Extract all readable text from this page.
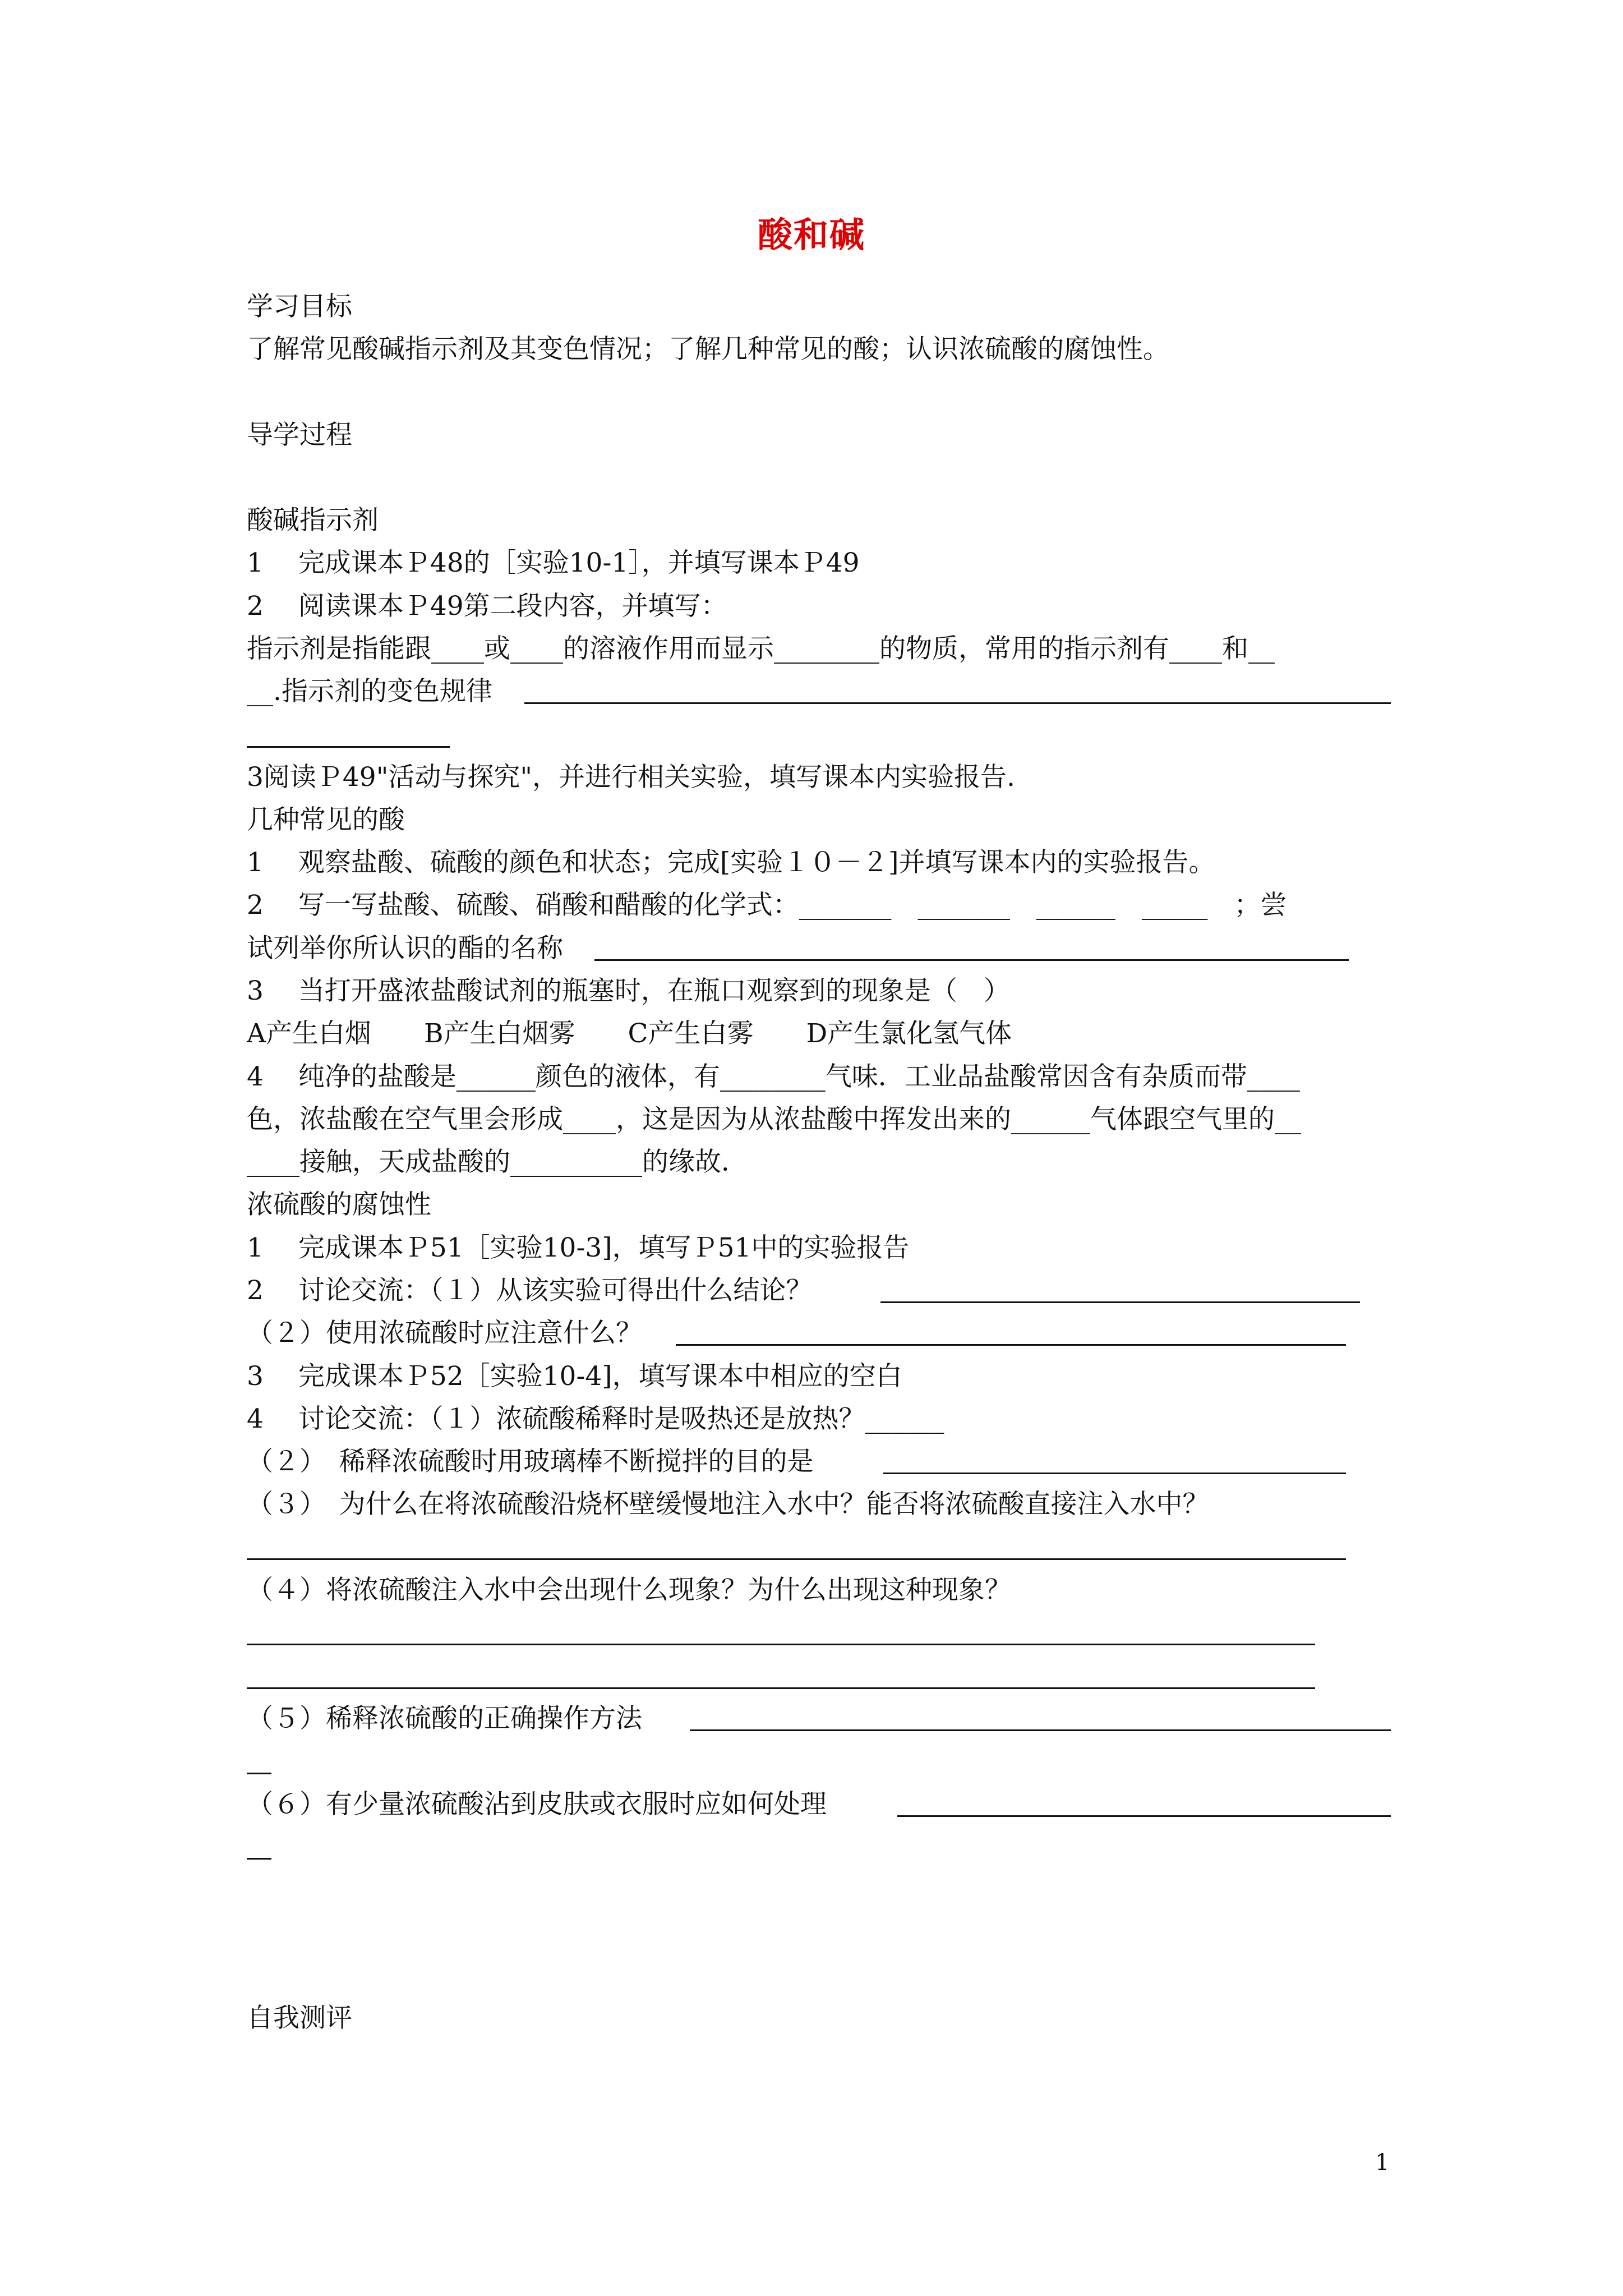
酸和碱
学习目标
了解常见酸碱指示剂及其变色情况；了解几种常见的酸；认识浓硫酸的腐蚀性。
导学过程
酸碱指示剂
1　 完成课本Ｐ48的［实验10-1］，并填写课本Ｐ49
2　 阅读课本Ｐ49第二段内容，并填写：
指示剂是指能跟____或____的溶液作用而显示________的物质，常用的指示剂有____和__
__.指示剂的变色规律
3阅读Ｐ49"活动与探究"，并进行相关实验，填写课本内实验报告.
几种常见的酸
1　 观察盐酸、硫酸的颜色和状态；完成[实验１０－２]并填写课本内的实验报告。
2　 写一写盐酸、硫酸、硝酸和醋酸的化学式：_______　_______　______　_____　；尝
试列举你所认识的酯的名称
3　 当打开盛浓盐酸试剂的瓶塞时，在瓶口观察到的现象是（　）
A产生白烟　　B产生白烟雾　　C产生白雾　　D产生氯化氢气体
4　 纯净的盐酸是______颜色的液体，有________气味．工业品盐酸常因含有杂质而带____
色，浓盐酸在空气里会形成____，这是因为从浓盐酸中挥发出来的______气体跟空气里的__
____接触，天成盐酸的__________的缘故．
浓硫酸的腐蚀性
1　 完成课本Ｐ51［实验10-3]，填写Ｐ51中的实验报告
2　 讨论交流：（１）从该实验可得出什么结论？
（２）使用浓硫酸时应注意什么？
3　 完成课本Ｐ52［实验10-4]，填写课本中相应的空白
4　 讨论交流：（１）浓硫酸稀释时是吸热还是放热？______
（２）　稀释浓硫酸时用玻璃棒不断搅拌的目的是
（３）　为什么在将浓硫酸沿烧杯壁缓慢地注入水中？能否将浓硫酸直接注入水中？
（４）将浓硫酸注入水中会出现什么现象？为什么出现这种现象？
（５）稀释浓硫酸的正确操作方法
（６）有少量浓硫酸沾到皮肤或衣服时应如何处理
自我测评
1
